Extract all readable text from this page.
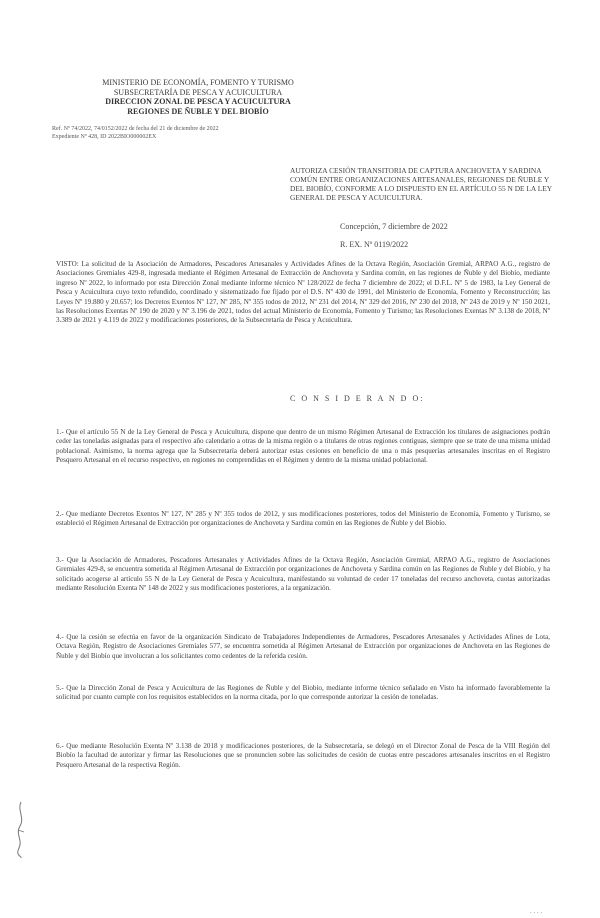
MINISTERIO DE ECONOMÍA, FOMENTO Y TURISMO
SUBSECRETARÍA DE PESCA Y ACUICULTURA
DIRECCION ZONAL DE PESCA Y ACUICULTURA
REGIONES DE ÑUBLE Y DEL BIOBÍO
Ref. Nº 74/2022, 74/0152/2022 de fecha del 21 de diciembre de 2022
Expediente Nº 428, ID 2022BIO000002EX
AUTORIZA CESIÓN TRANSITORIA DE CAPTURA ANCHOVETA Y SARDINA COMÚN ENTRE ORGANIZACIONES ARTESANALES, REGIONES DE ÑUBLE Y DEL BIOBÍO, CONFORME A LO DISPUESTO EN EL ARTÍCULO 55 N DE LA LEY GENERAL DE PESCA Y ACUICULTURA.
Concepción, 7 diciembre de 2022
R. EX. Nº 0119/2022
VISTO: La solicitud de la Asociación de Armadores, Pescadores Artesanales y Actividades Afines de la Octava Región, Asociación Gremial, ARPAO A.G., registro de Asociaciones Gremiales 429-8, ingresada mediante el Régimen Artesanal de Extracción de Anchoveta y Sardina común, en las regiones de Ñuble y del Biobío, mediante ingreso Nº 2022, lo informado por esta Dirección Zonal mediante informe técnico Nº 128/2022 de fecha 7 diciembre de 2022; el D.F.L. Nº 5 de 1983, la Ley General de Pesca y Acuicultura cuyo texto refundido, coordinado y sistematizado fue fijado por el D.S. Nº 430 de 1991, del Ministerio de Economía, Fomento y Reconstrucción; las Leyes Nº 19.880 y 20.657; los Decretos Exentos Nº 127, Nº 285, Nº 355 todos de 2012, Nº 231 del 2014, Nº 329 del 2016, Nº 230 del 2018, Nº 243 de 2019 y Nº 150 2021, las Resoluciones Exentas Nº 190 de 2020 y Nº 3.196 de 2021, todos del actual Ministerio de Economía, Fomento y Turismo; las Resoluciones Exentas Nº 3.138 de 2018, Nº 3.389 de 2021 y 4.119 de 2022 y modificaciones posteriores, de la Subsecretaría de Pesca y Acuicultura.
C O N S I D E R A N D O:
1.- Que el artículo 55 N de la Ley General de Pesca y Acuicultura, dispone que dentro de un mismo Régimen Artesanal de Extracción los titulares de asignaciones podrán ceder las toneladas asignadas para el respectivo año calendario a otras de la misma región o a titulares de otras regiones contiguas, siempre que se trate de una misma unidad poblacional. Asimismo, la norma agrega que la Subsecretaría deberá autorizar estas cesiones en beneficio de una o más pesquerías artesanales inscritas en el Registro Pesquero Artesanal en el recurso respectivo, en regiones no comprendidas en el Régimen y dentro de la misma unidad poblacional.
2.- Que mediante Decretos Exentos Nº 127, Nº 285 y Nº 355 todos de 2012, y sus modificaciones posteriores, todos del Ministerio de Economía, Fomento y Turismo, se estableció el Régimen Artesanal de Extracción por organizaciones de Anchoveta y Sardina común en las Regiones de Ñuble y del Biobío.
3.- Que la Asociación de Armadores, Pescadores Artesanales y Actividades Afines de la Octava Región, Asociación Gremial, ARPAO A.G., registro de Asociaciones Gremiales 429-8, se encuentra sometida al Régimen Artesanal de Extracción por organizaciones de Anchoveta y Sardina común en las Regiones de Ñuble y del Biobío, y ha solicitado acogerse al artículo 55 N de la Ley General de Pesca y Acuicultura, manifestando su voluntad de ceder 17 toneladas del recurso anchoveta, cuotas autorizadas mediante Resolución Exenta Nº 148 de 2022 y sus modificaciones posteriores, a la organización.
4.- Que la cesión se efectúa en favor de la organización Sindicato de Trabajadores Independientes de Armadores, Pescadores Artesanales y Actividades Afines de Lota, Octava Región, Registro de Asociaciones Gremiales 577, se encuentra sometida al Régimen Artesanal de Extracción por organizaciones de Anchoveta en las Regiones de Ñuble y del Biobío que involucran a los solicitantes como cedentes de la referida cesión.
5.- Que la Dirección Zonal de Pesca y Acuicultura de las Regiones de Ñuble y del Biobío, mediante informe técnico señalado en Visto ha informado favorablemente la solicitud por cuanto cumple con los requisitos establecidos en la norma citada, por lo que corresponde autorizar la cesión de toneladas.
6.- Que mediante Resolución Exenta Nº 3.138 de 2018 y modificaciones posteriores, de la Subsecretaría, se delegó en el Director Zonal de Pesca de la VIII Región del Biobío la facultad de autorizar y firmar las Resoluciones que se pronuncien sobre las solicitudes de cesión de cuotas entre pescadores artesanales inscritos en el Registro Pesquero Artesanal de la respectiva Región.
. . . .
